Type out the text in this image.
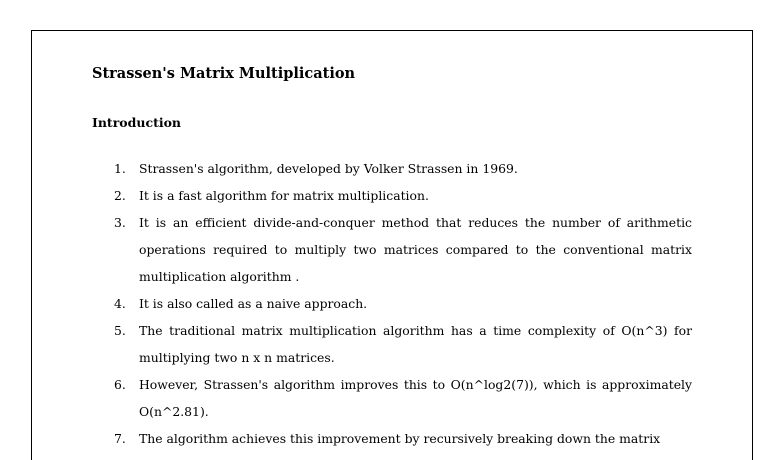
Strassen's Matrix Multiplication
Introduction
1. Strassen's algorithm, developed by Volker Strassen in 1969.
2. It is a fast algorithm for matrix multiplication.
3. It is an efficient divide-and-conquer method that reduces the number of arithmetic operations required to multiply two matrices compared to the conventional matrix multiplication algorithm .
4. It is also called as a naive approach.
5. The traditional matrix multiplication algorithm has a time complexity of O(n^3) for multiplying two n x n matrices.
6. However, Strassen's algorithm improves this to O(n^log2(7)), which is approximately O(n^2.81).
7. The algorithm achieves this improvement by recursively breaking down the matrix
